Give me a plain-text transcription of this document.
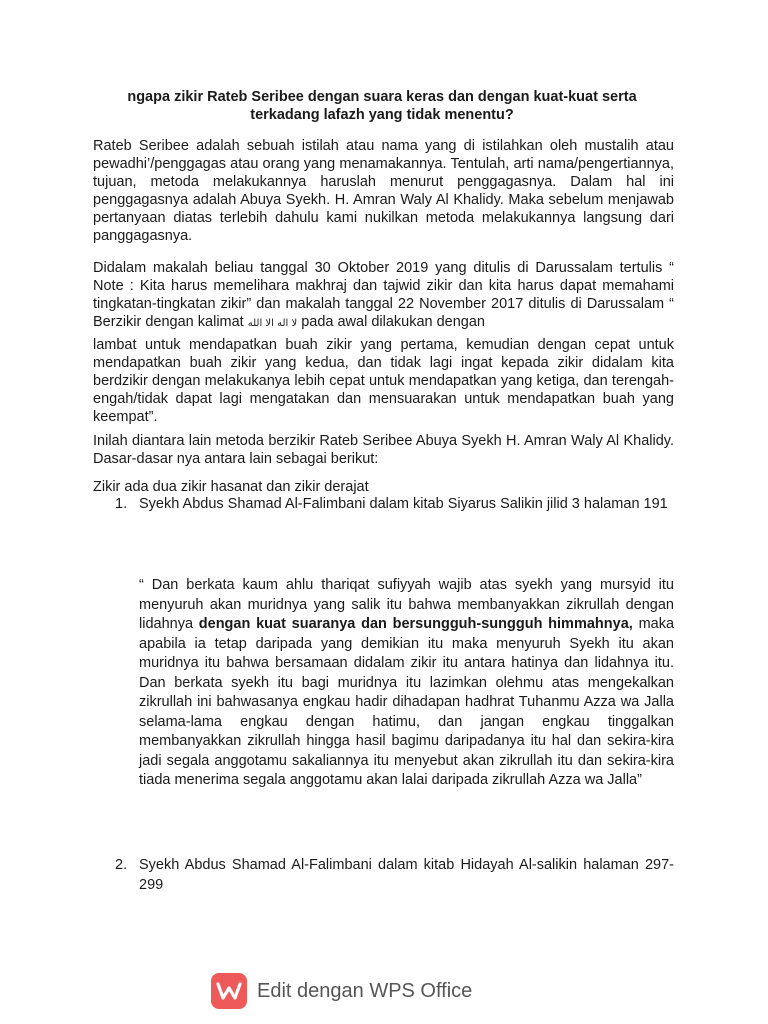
ngapa zikir Rateb Seribee dengan suara keras dan dengan kuat-kuat serta
terkadang lafazh yang tidak menentu?

Rateb Seribee adalah sebuah istilah atau nama yang di istilahkan oleh mustalih atau pewadhi’/penggagas atau orang yang menamakannya. Tentulah, arti nama/pengertiannya, tujuan, metoda melakukannya haruslah menurut penggagasnya. Dalam hal ini penggagasnya adalah Abuya Syekh. H. Amran Waly Al Khalidy. Maka sebelum menjawab pertanyaan diatas terlebih dahulu kami nukilkan metoda melakukannya langsung dari panggagasnya.

Didalam makalah beliau tanggal 30 Oktober 2019 yang ditulis di Darussalam tertulis “ Note : Kita harus memelihara makhraj dan tajwid zikir dan kita harus dapat memahami tingkatan-tingkatan zikir” dan makalah tanggal 22 November 2017 ditulis di Darussalam “ Berzikir dengan kalimat لا اله الا الله pada awal dilakukan dengan

lambat untuk mendapatkan buah zikir yang pertama, kemudian dengan cepat untuk mendapatkan buah zikir yang kedua, dan tidak lagi ingat kepada zikir didalam kita berdzikir dengan melakukanya lebih cepat untuk mendapatkan yang ketiga, dan terengah-engah/tidak dapat lagi mengatakan dan mensuarakan untuk mendapatkan buah yang keempat”.

Inilah diantara lain metoda berzikir Rateb Seribee Abuya Syekh H. Amran Waly Al Khalidy. Dasar-dasar nya antara lain sebagai berikut:

Zikir ada dua zikir hasanat dan zikir derajat
1. Syekh Abdus Shamad Al-Falimbani dalam kitab Siyarus Salikin jilid 3 halaman 191
“ Dan berkata kaum ahlu thariqat sufiyyah wajib atas syekh yang mursyid itu menyuruh akan muridnya yang salik itu bahwa membanyakkan zikrullah dengan lidahnya dengan kuat suaranya dan bersungguh-sungguh himmahnya, maka apabila ia tetap daripada yang demikian itu maka menyuruh Syekh itu akan muridnya itu bahwa bersamaan didalam zikir itu antara hatinya dan lidahnya itu. Dan berkata syekh itu bagi muridnya itu lazimkan olehmu atas mengekalkan zikrullah ini bahwasanya engkau hadir dihadapan hadhrat Tuhanmu Azza wa Jalla selama-lama engkau dengan hatimu, dan jangan engkau tinggalkan membanyakkan zikrullah hingga hasil bagimu daripadanya itu hal dan sekira-kira jadi segala anggotamu sakaliannya itu menyebut akan zikrullah itu dan sekira-kira tiada menerima segala anggotamu akan lalai daripada zikrullah Azza wa Jalla”
2. Syekh Abdus Shamad Al-Falimbani dalam kitab Hidayah Al-salikin halaman 297-299
Edit dengan WPS Office
